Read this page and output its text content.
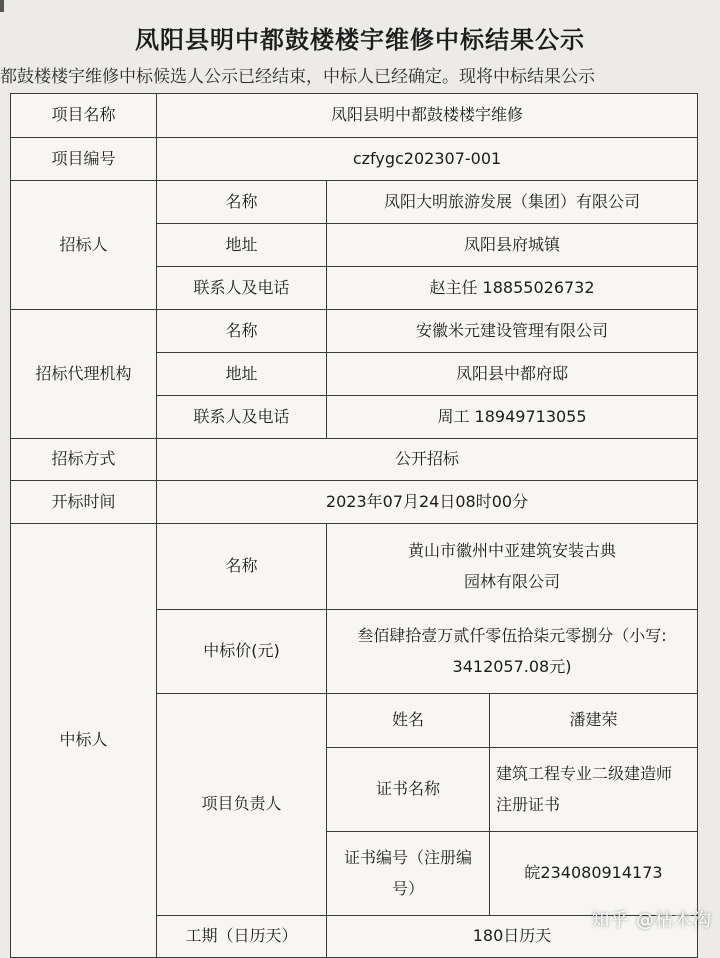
凤阳县明中都鼓楼楼宇维修中标结果公示
都鼓楼楼宇维修中标候选人公示已经结束，中标人已经确定。现将中标结果公示
项目名称	凤阳县明中都鼓楼楼宇维修		
项目编号	czfygc202307-001		
招标人	名称	凤阳大明旅游发展（集团）有限公司	
	地址	凤阳县府城镇	
	联系人及电话	赵主任 18855026732	
招标代理机构	名称	安徽米元建设管理有限公司	
	地址	凤阳县中都府邸	
	联系人及电话	周工 18949713055	
招标方式	公开招标		
开标时间	2023年07月24日08时00分		
中标人	名称	黄山市徽州中亚建筑安装古典
园林有限公司	

	中标价(元)	叁佰肆拾壹万贰仟零伍拾柒元零捌分（小写:
3412057.08元)	

	项目负责人	姓名	潘建荣
		证书名称	建筑工程专业二级建造师
注册证书

		证书编号（注册编
号）	皖234080914173
	工期（日历天）	180日历天	
知乎 @枯木沟
